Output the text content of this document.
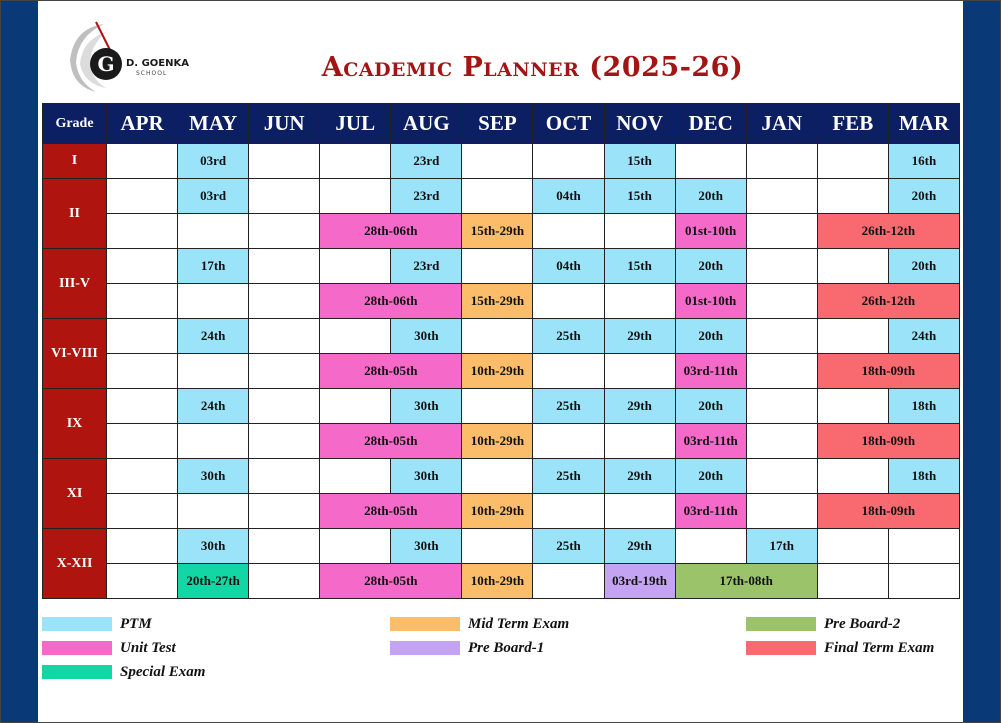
G D. GOENKA
SCHOOL	Academic Planner (2025-26)
Grade	APR	MAY	JUN	JUL	AUG	SEP	OCT	NOV	DEC	JAN	FEB	MAR
I		03rd			23rd			15th				16th
II		03rd			23rd		04th	15th	20th			20th
				28th-06th		15th-29th			01st-10th		26th-12th	
III-V		17th			23rd		04th	15th	20th			20th
				28th-06th		15th-29th			01st-10th		26th-12th	
VI-VIII		24th			30th		25th	29th	20th			24th
				28th-05th		10th-29th			03rd-11th		18th-09th	
IX		24th			30th		25th	29th	20th			18th
				28th-05th		10th-29th			03rd-11th		18th-09th	
XI		30th			30th		25th	29th	20th			18th
				28th-05th		10th-29th			03rd-11th		18th-09th	
X-XII		30th			30th		25th	29th		17th		
		20th-27th		28th-05th		10th-29th		03rd-19th	17th-08th			
PTM
Unit Test
Special Exam
Mid Term Exam
Pre Board-1
Pre Board-2
Final Term Exam
